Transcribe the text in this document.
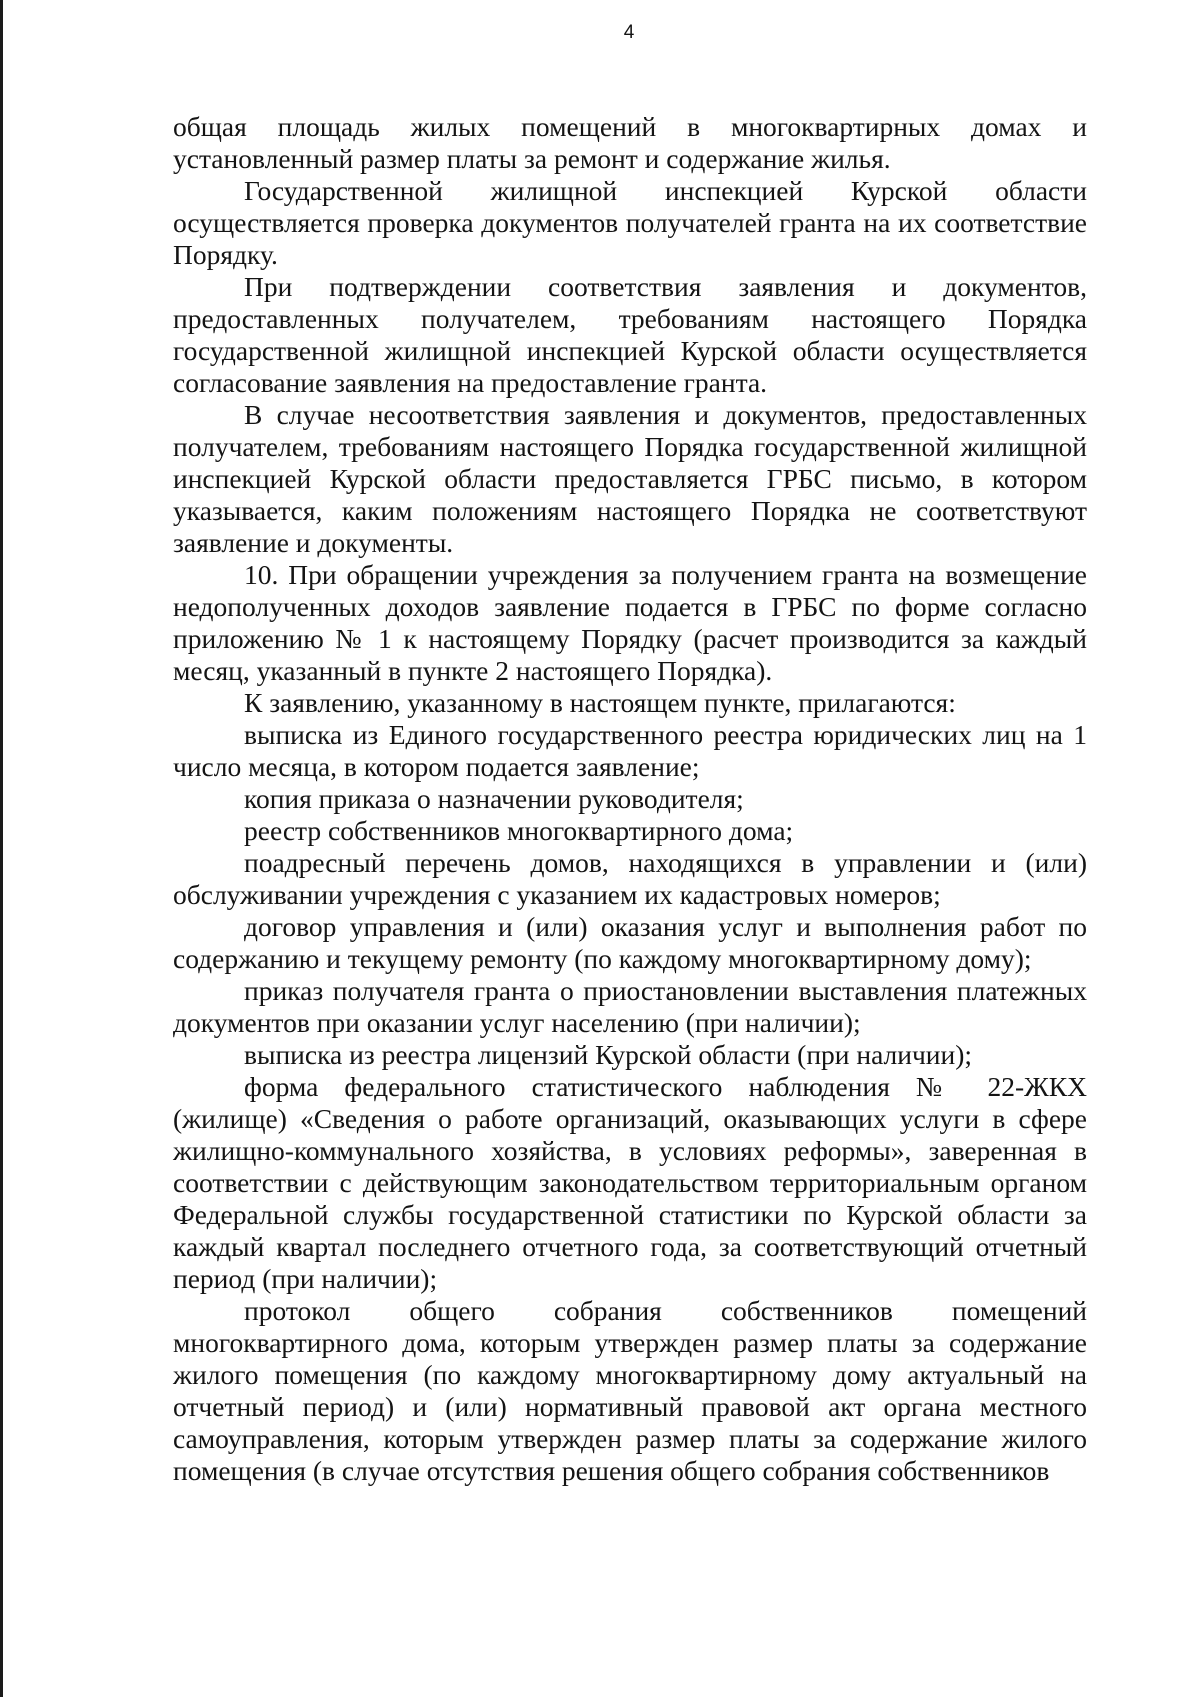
4

общая площадь жилых помещений в многоквартирных домах и установленный размер платы за ремонт и содержание жилья.

Государственной жилищной инспекцией Курской области осуществляется проверка документов получателей гранта на их соответствие Порядку.

При подтверждении соответствия заявления и документов, предоставленных получателем, требованиям настоящего Порядка государственной жилищной инспекцией Курской области осуществляется согласование заявления на предоставление гранта.

В случае несоответствия заявления и документов, предоставленных получателем, требованиям настоящего Порядка государственной жилищной инспекцией Курской области предоставляется ГРБС письмо, в котором указывается, каким положениям настоящего Порядка не соответствуют заявление и документы.

10. При обращении учреждения за получением гранта на возмещение недополученных доходов заявление подается в ГРБС по форме согласно приложению № 1 к настоящему Порядку (расчет производится за каждый месяц, указанный в пункте 2 настоящего Порядка).

К заявлению, указанному в настоящем пункте, прилагаются:

выписка из Единого государственного реестра юридических лиц на 1 число месяца, в котором подается заявление;

копия приказа о назначении руководителя;

реестр собственников многоквартирного дома;

поадресный перечень домов, находящихся в управлении и (или) обслуживании учреждения с указанием их кадастровых номеров;

договор управления и (или) оказания услуг и выполнения работ по содержанию и текущему ремонту (по каждому многоквартирному дому);

приказ получателя гранта о приостановлении выставления платежных документов при оказании услуг населению (при наличии);

выписка из реестра лицензий Курской области (при наличии);

форма федерального статистического наблюдения № 22-ЖКХ (жилище) «Сведения о работе организаций, оказывающих услуги в сфере жилищно-коммунального хозяйства, в условиях реформы», заверенная в соответствии с действующим законодательством территориальным органом Федеральной службы государственной статистики по Курской области за каждый квартал последнего отчетного года, за соответствующий отчетный период (при наличии);

протокол общего собрания собственников помещений многоквартирного дома, которым утвержден размер платы за содержание жилого помещения (по каждому многоквартирному дому актуальный на отчетный период) и (или) нормативный правовой акт органа местного самоуправления, которым утвержден размер платы за содержание жилого помещения (в случае отсутствия решения общего собрания собственников
